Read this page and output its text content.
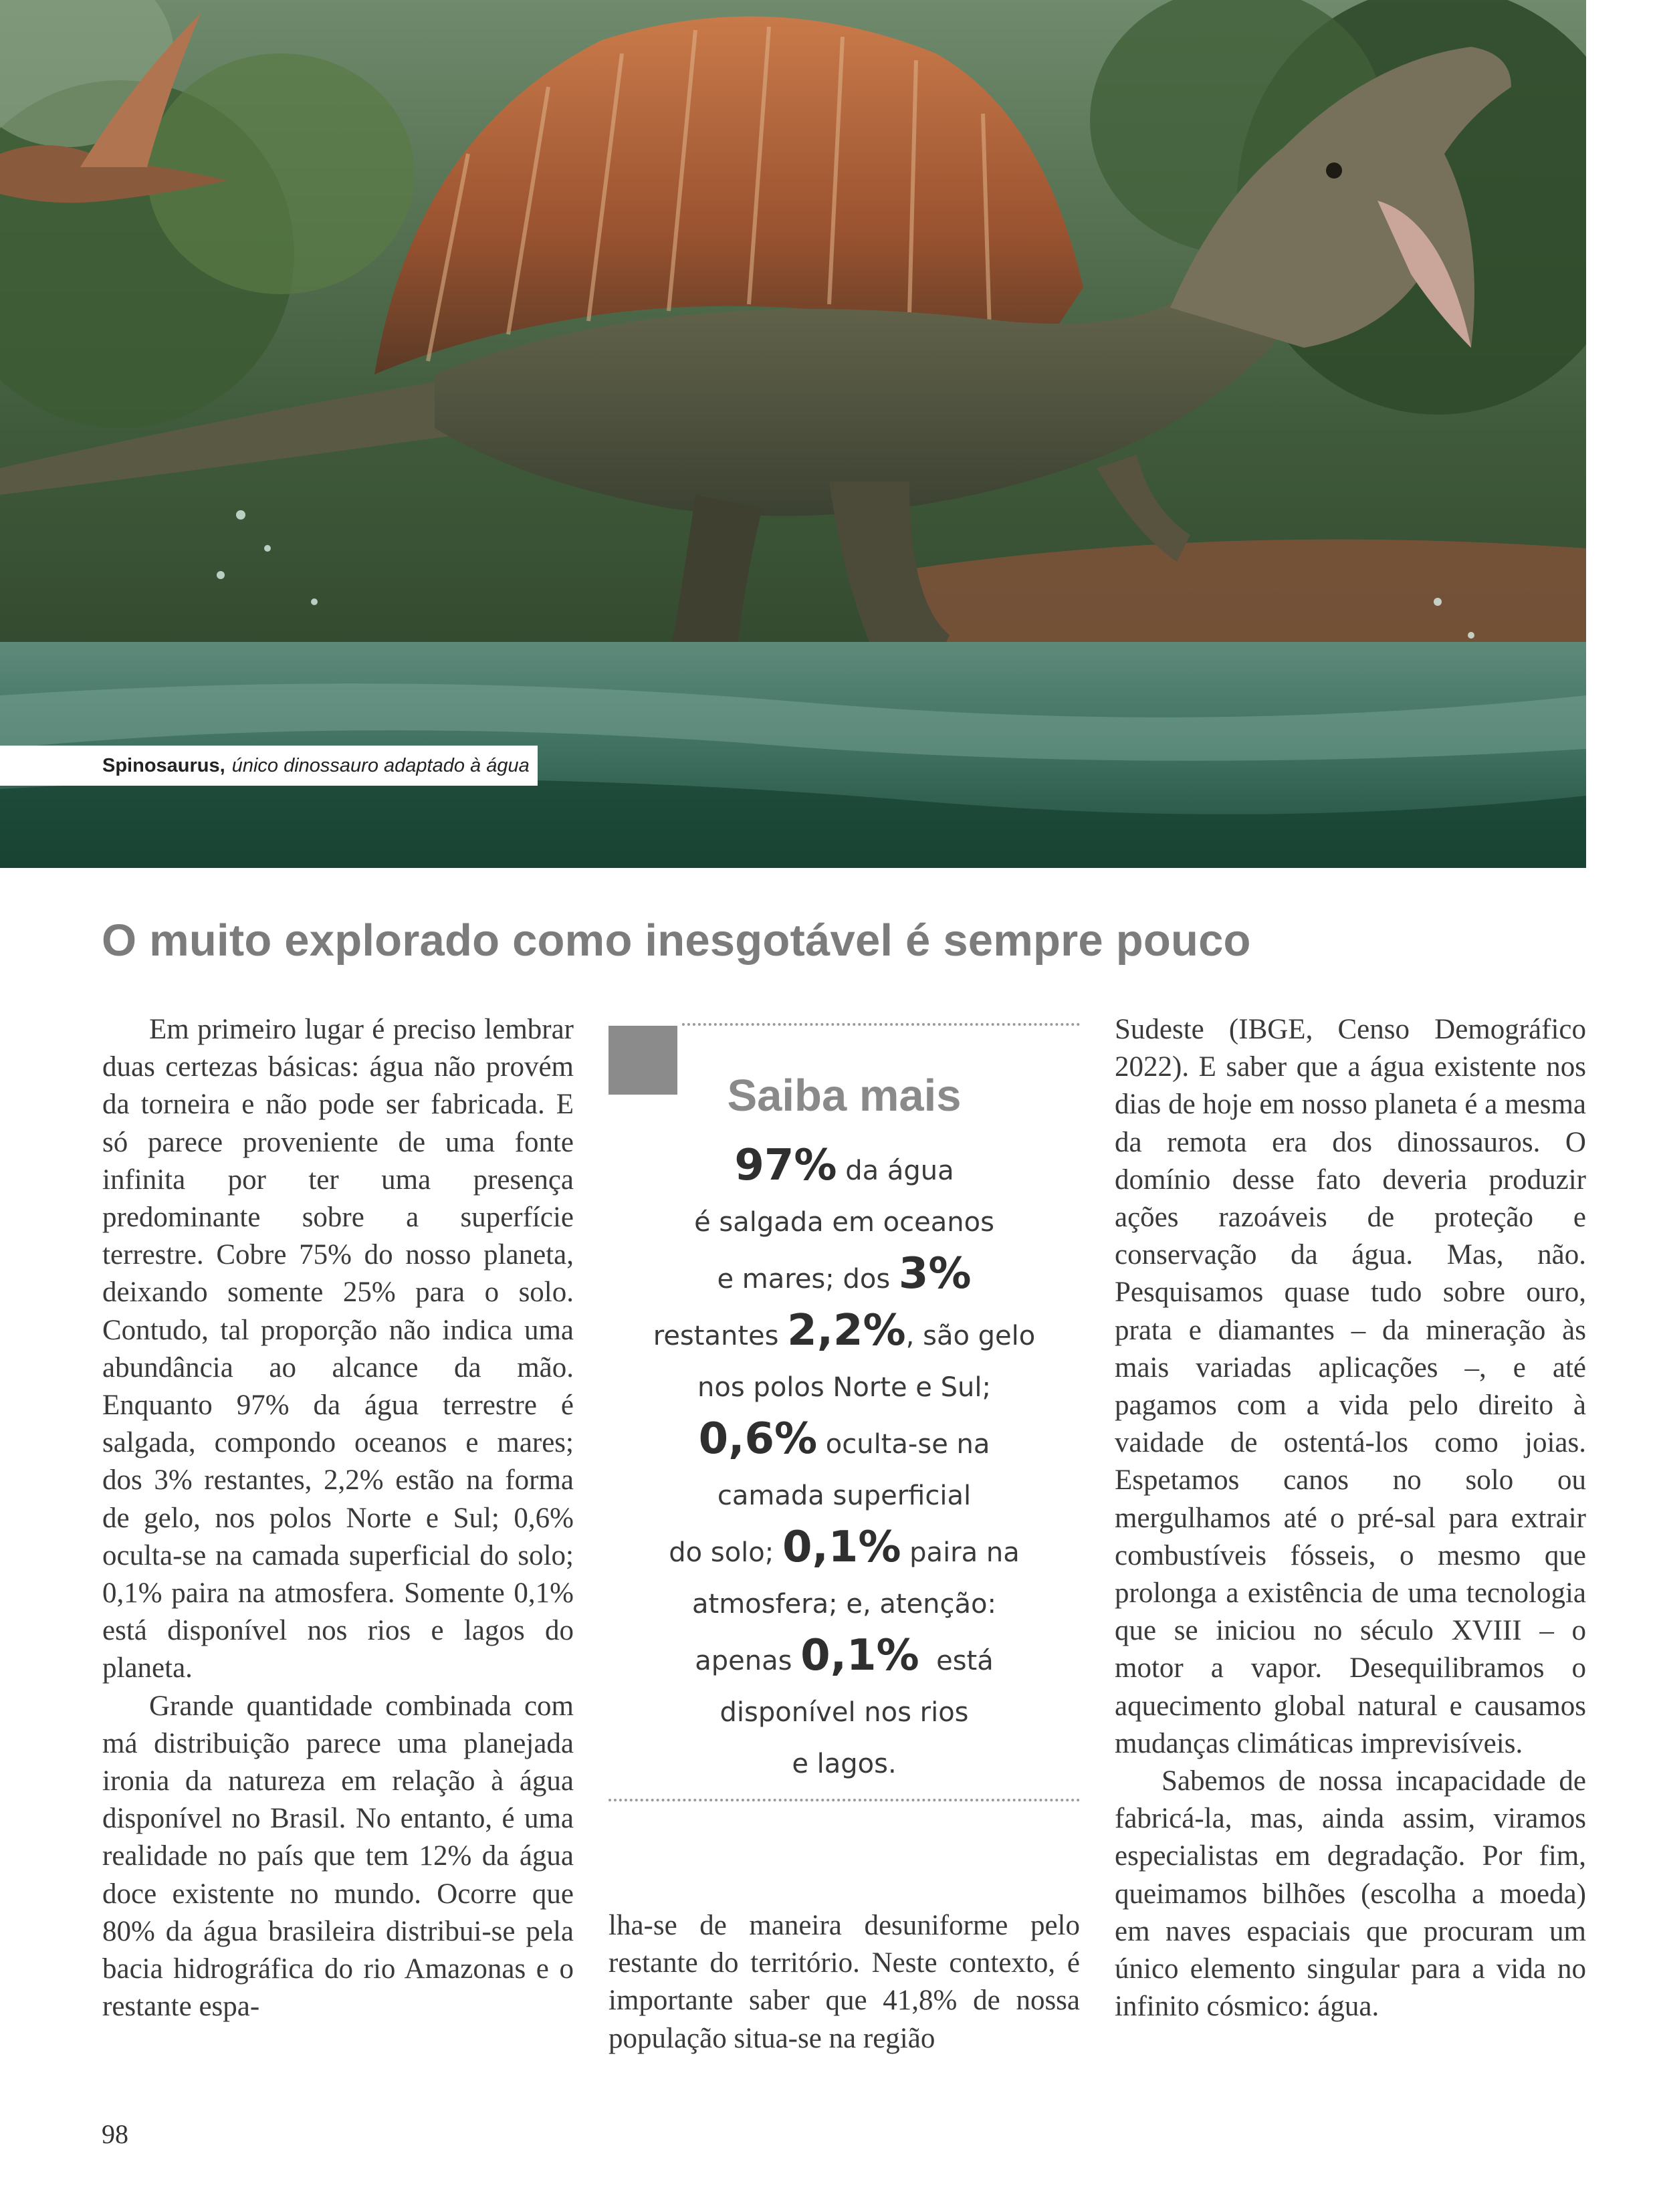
Spinosaurus, único dinossauro adaptado à água
O muito explorado como inesgotável é sempre pouco

Em primeiro lugar é preciso lembrar duas certezas básicas: água não provém da torneira e não pode ser fabricada. E só parece proveniente de uma fonte infinita por ter uma presença predominante sobre a superfície terrestre. Cobre 75% do nosso planeta, deixando somente 25% para o solo. Contudo, tal proporção não indica uma abundância ao alcance da mão. Enquanto 97% da água terrestre é salgada, compondo oceanos e mares; dos 3% restantes, 2,2% estão na forma de gelo, nos polos Norte e Sul; 0,6% oculta-se na camada superficial do solo; 0,1% paira na atmosfera. Somente 0,1% está disponível nos rios e lagos do planeta.

Grande quantidade combinada com má distribuição parece uma planejada ironia da natureza em relação à água disponível no Brasil. No entanto, é uma realidade no país que tem 12% da água doce existente no mundo. Ocorre que 80% da água brasileira distribui-se pela bacia hidrográfica do rio Amazonas e o restante espa-

Saiba mais
97% da água
é salgada em oceanos
e mares; dos 3%
restantes 2,2%, são gelo
nos polos Norte e Sul;
0,6% oculta-se na
camada superficial
do solo; 0,1% paira na
atmosfera; e, atenção:
apenas 0,1%  está
disponível nos rios
e lagos.

lha-se de maneira desuniforme pelo restante do território. Neste contexto, é importante saber que 41,8% de nossa população situa-se na região

Sudeste (IBGE, Censo Demográfico 2022). E saber que a água existente nos dias de hoje em nosso planeta é a mesma da remota era dos dinossauros. O domínio desse fato deveria produzir ações razoáveis de proteção e conservação da água. Mas, não. Pesquisamos quase tudo sobre ouro, prata e diamantes – da mineração às mais variadas aplicações –, e até pagamos com a vida pelo direito à vaidade de ostentá-los como joias. Espetamos canos no solo ou mergulhamos até o pré-sal para extrair combustíveis fósseis, o mesmo que prolonga a existência de uma tecnologia que se iniciou no século XVIII – o motor a vapor. Desequilibramos o aquecimento global natural e causamos mudanças climáticas imprevisíveis.

Sabemos de nossa incapacidade de fabricá-la, mas, ainda assim, viramos especialistas em degradação. Por fim, queimamos bilhões (escolha a moeda) em naves espaciais que procuram um único elemento singular para a vida no infinito cósmico: água.

98
